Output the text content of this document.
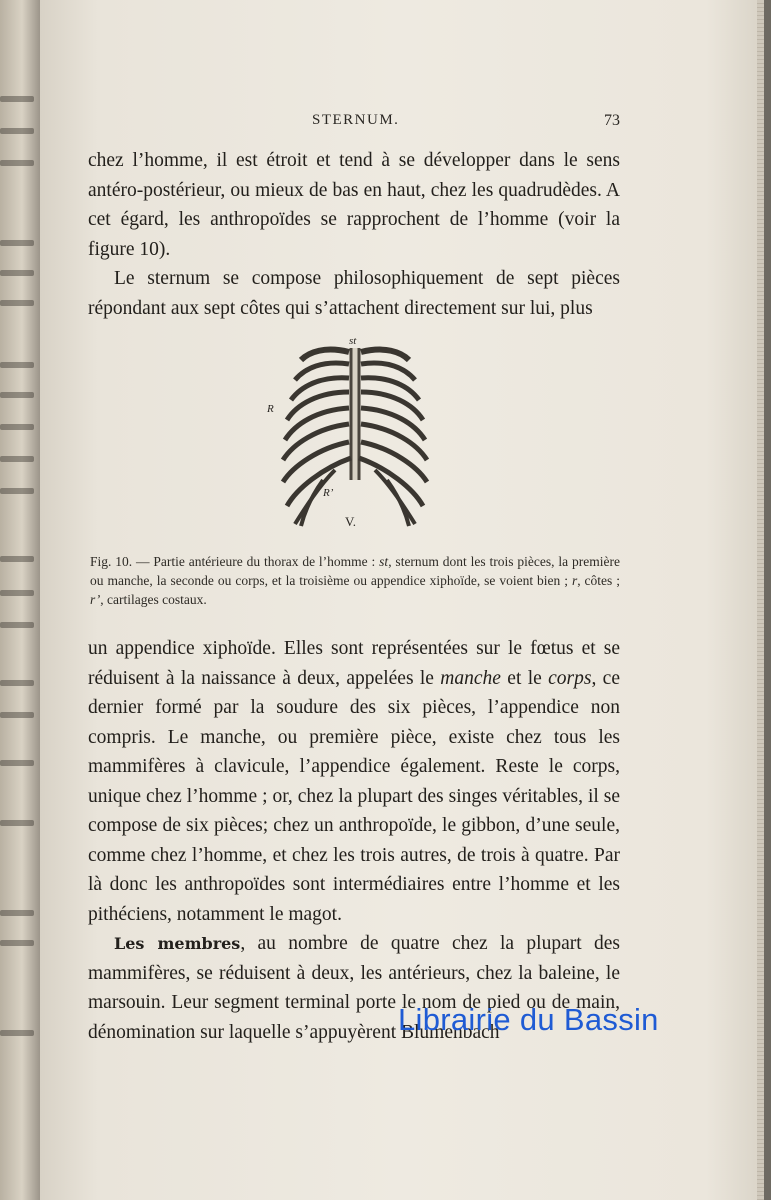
STERNUM.	73

chez l’homme, il est étroit et tend à se développer dans le sens antéro-postérieur, ou mieux de bas en haut, chez les quadrudèdes. A cet égard, les anthropoïdes se rapprochent de l’homme (voir la figure 10).

Le sternum se compose philosophiquement de sept pièces répondant aux sept côtes qui s’attachent directement sur lui, plus

st
R
R’
V.
Fig. 10. — Partie antérieure du thorax de l’homme : st, sternum dont les trois pièces, la première ou manche, la seconde ou corps, et la troisième ou appendice xiphoïde, se voient bien ; r, côtes ; r’, cartilages costaux.

un appendice xiphoïde. Elles sont représentées sur le fœtus et se réduisent à la naissance à deux, appelées le manche et le corps, ce dernier formé par la soudure des six pièces, l’appendice non compris. Le manche, ou première pièce, existe chez tous les mammifères à clavicule, l’appendice également. Reste le corps, unique chez l’homme ; or, chez la plupart des singes véritables, il se compose de six pièces; chez un anthropoïde, le gibbon, d’une seule, comme chez l’homme, et chez les trois autres, de trois à quatre. Par là donc les anthropoïdes sont intermédiaires entre l’homme et les pithéciens, notamment le magot.

Les membres, au nombre de quatre chez la plupart des mammifères, se réduisent à deux, les antérieurs, chez la baleine, le marsouin. Leur segment terminal porte le nom de pied ou de main, dénomination sur laquelle s’appuyèrent Blumenbach

Librairie du Bassin
